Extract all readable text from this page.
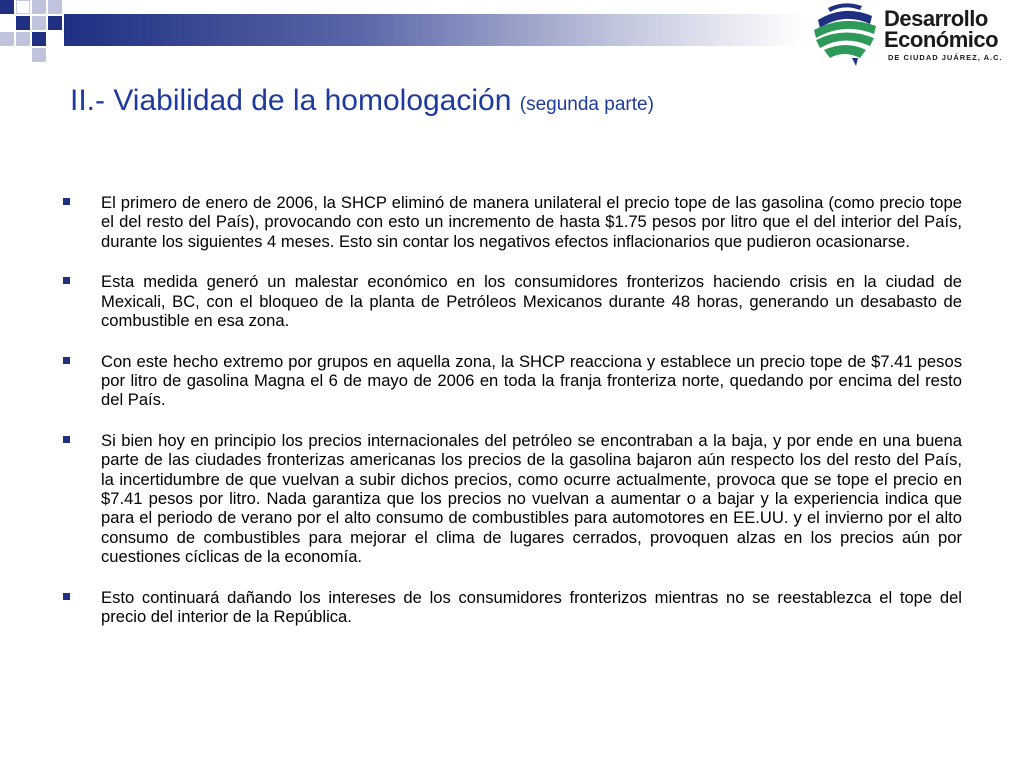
Desarrollo
Económico
DE CIUDAD JUÁREZ, A.C.
II.- Viabilidad de la homologación (segunda parte)
El primero de enero de 2006, la SHCP eliminó de manera unilateral el precio tope de las gasolina (como precio tope el del resto del País), provocando con esto un incremento de hasta $1.75 pesos por litro que el del interior del País, durante los siguientes 4 meses. Esto sin contar los negativos efectos inflacionarios que pudieron ocasionarse.
Esta medida generó un malestar económico en los consumidores fronterizos haciendo crisis en la ciudad de Mexicali, BC, con el bloqueo de la planta de Petróleos Mexicanos durante 48 horas, generando un desabasto de combustible en esa zona.
Con este hecho extremo por grupos en aquella zona, la SHCP reacciona y establece un precio tope de $7.41 pesos por litro de gasolina Magna el 6 de mayo de 2006 en toda la franja fronteriza norte, quedando por encima del resto del País.
Si bien hoy en principio los precios internacionales del petróleo se encontraban a la baja, y por ende en una buena parte de las ciudades fronterizas americanas los precios de la gasolina bajaron aún respecto los del resto del País, la incertidumbre de que vuelvan a subir dichos precios, como ocurre actualmente, provoca que se tope el precio en $7.41 pesos por litro. Nada garantiza que los precios no vuelvan a aumentar o a bajar y la experiencia indica que para el periodo de verano por el alto consumo de combustibles para automotores en EE.UU. y el invierno por el alto consumo de combustibles para mejorar el clima de lugares cerrados, provoquen alzas en los precios aún por cuestiones cíclicas de la economía.
Esto continuará dañando los intereses de los consumidores fronterizos mientras no se reestablezca el tope del precio del interior de la República.
